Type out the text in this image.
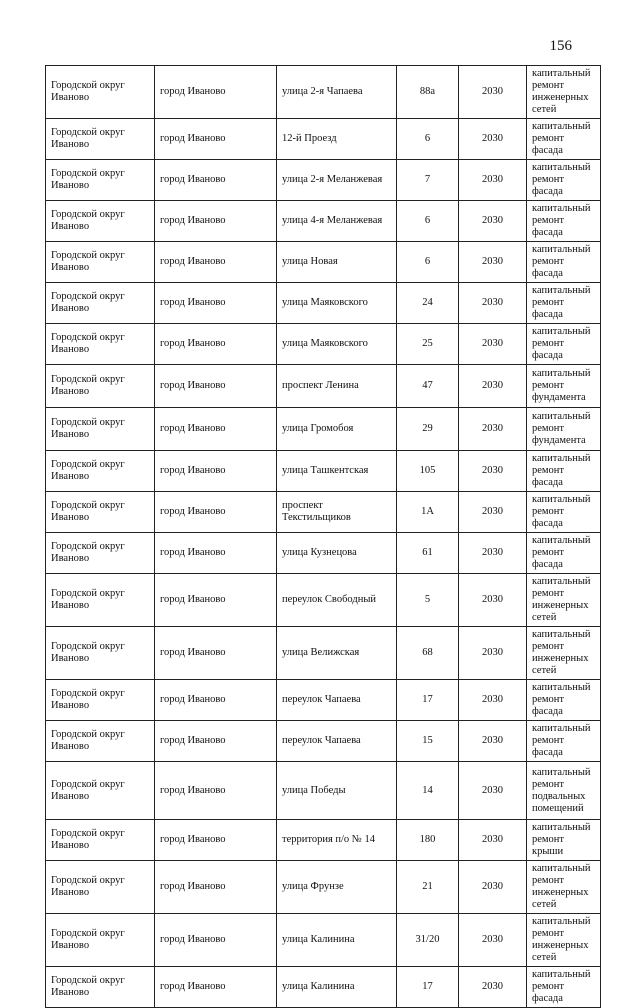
156
Городской округ Иваново	город Иваново	улица 2-я Чапаева	88а	2030	капитальный ремонт инженерных сетей
Городской округ Иваново	город Иваново	12-й Проезд	6	2030	капитальный ремонт фасада
Городской округ Иваново	город Иваново	улица 2-я Меланжевая	7	2030	капитальный ремонт фасада
Городской округ Иваново	город Иваново	улица 4-я Меланжевая	6	2030	капитальный ремонт фасада
Городской округ Иваново	город Иваново	улица Новая	6	2030	капитальный ремонт фасада
Городской округ Иваново	город Иваново	улица Маяковского	24	2030	капитальный ремонт фасада
Городской округ Иваново	город Иваново	улица Маяковского	25	2030	капитальный ремонт фасада
Городской округ Иваново	город Иваново	проспект Ленина	47	2030	капитальный ремонт фундамента
Городской округ Иваново	город Иваново	улица Громобоя	29	2030	капитальный ремонт фундамента
Городской округ Иваново	город Иваново	улица Ташкентская	105	2030	капитальный ремонт фасада
Городской округ Иваново	город Иваново	проспект Текстильщиков	1А	2030	капитальный ремонт фасада
Городской округ Иваново	город Иваново	улица Кузнецова	61	2030	капитальный ремонт фасада
Городской округ Иваново	город Иваново	переулок Свободный	5	2030	капитальный ремонт инженерных сетей
Городской округ Иваново	город Иваново	улица Велижская	68	2030	капитальный ремонт инженерных сетей
Городской округ Иваново	город Иваново	переулок Чапаева	17	2030	капитальный ремонт фасада
Городской округ Иваново	город Иваново	переулок Чапаева	15	2030	капитальный ремонт фасада
Городской округ Иваново	город Иваново	улица Победы	14	2030	капитальный ремонт подвальных помещений
Городской округ Иваново	город Иваново	территория п/о № 14	180	2030	капитальный ремонт крыши
Городской округ Иваново	город Иваново	улица Фрунзе	21	2030	капитальный ремонт инженерных сетей
Городской округ Иваново	город Иваново	улица Калинина	31/20	2030	капитальный ремонт инженерных сетей
Городской округ Иваново	город Иваново	улица Калинина	17	2030	капитальный ремонт фасада
